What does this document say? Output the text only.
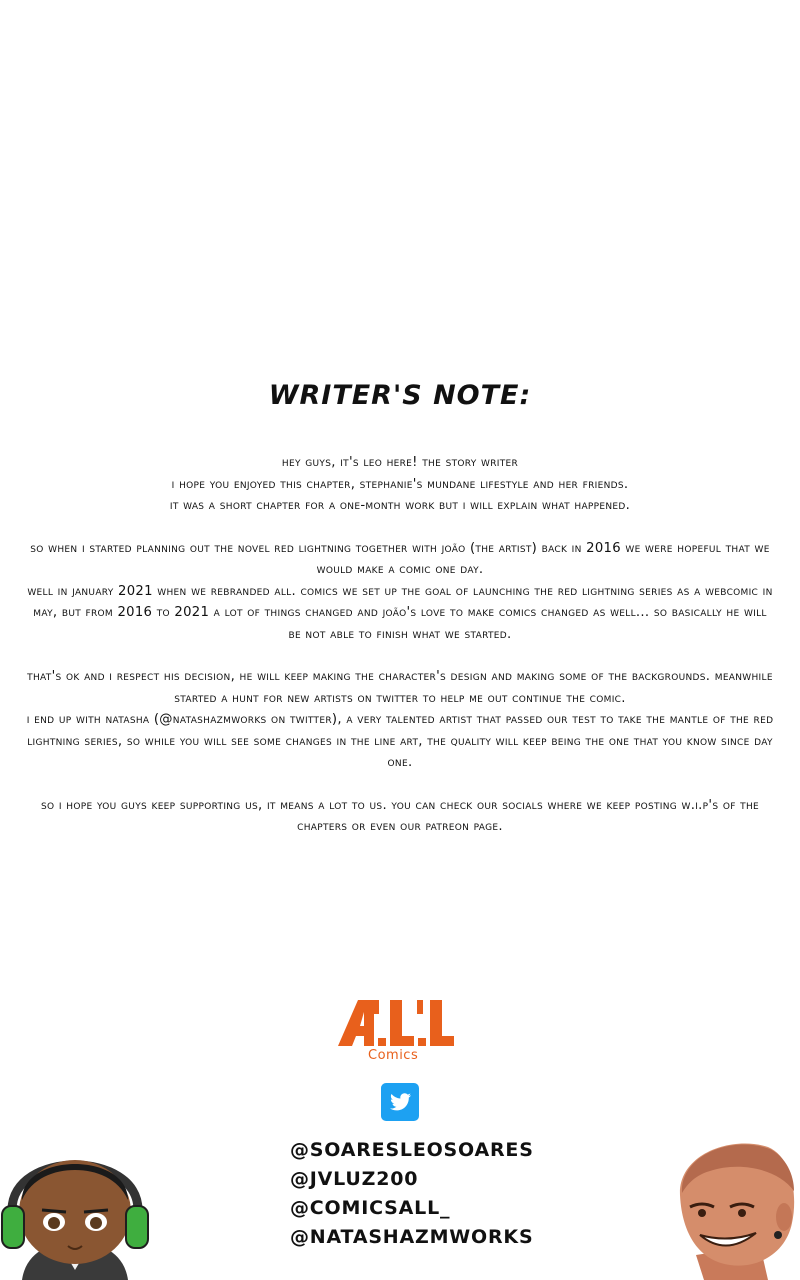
WRITER'S NOTE:

hey guys, it's leo here! the story writer
i hope you enjoyed this chapter, stephanie's mundane lifestyle and her friends.
it was a short chapter for a one-month work but i will explain what happened.

so when i started planning out the novel red lightning together with joão (the artist) back in 2016 we were hopeful that we would make a comic one day.
well in january 2021 when we rebranded all. comics we set up the goal of launching the red lightning series as a webcomic in may, but from 2016 to 2021 a lot of things changed and joão's love to make comics changed as well... so basically he will be not able to finish what we started.

that's ok and i respect his decision, he will keep making the character's design and making some of the backgrounds. meanwhile started a hunt for new artists on twitter to help me out continue the comic.
i end up with natasha (@natashazmworks on twitter), a very talented artist that passed our test to take the mantle of the red lightning series, so while you will see some changes in the line art, the quality will keep being the one that you know since day one.

so i hope you guys keep supporting us, it means a lot to us. you can check our socials where we keep posting w.i.p's of the chapters or even our patreon page.

Comics
@SOARESLEOSOARES
@JVLUZ200
@COMICSALL_
@NATASHAZMWORKS
